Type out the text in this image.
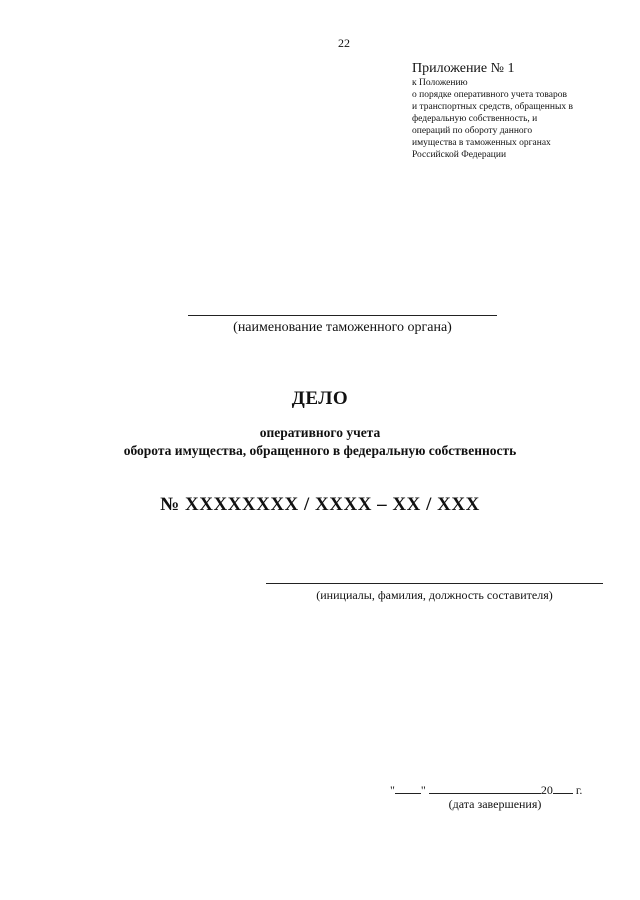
22
Приложение № 1
к Положению
о порядке оперативного учета товаров
и транспортных средств, обращенных в
федеральную собственность, и
операций по обороту данного
имущества в таможенных органах
Российской Федерации
(наименование таможенного органа)
ДЕЛО
оперативного учета
оборота имущества, обращенного в федеральную собственность
№ XXXXXXXX / XXXX – XX / XXX
(инициалы, фамилия, должность составителя)
" "	20 г.
(дата завершения)
